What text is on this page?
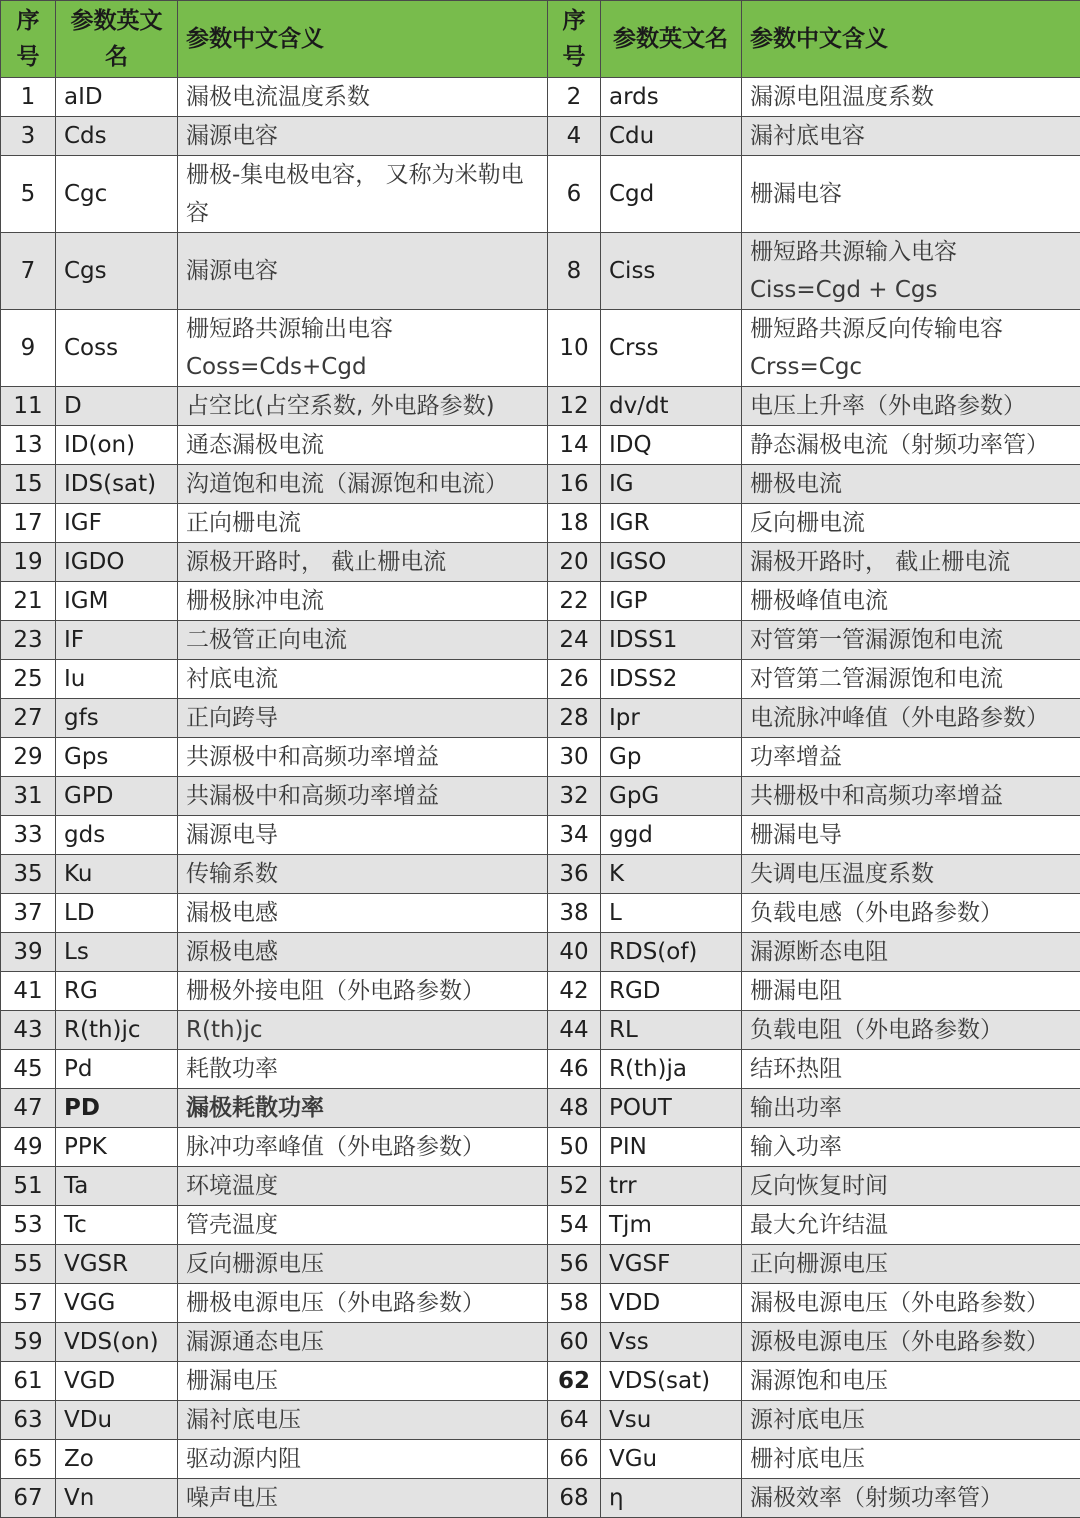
序号	参数英文名	参数中文含义	序号	参数英文名	参数中文含义
1	aID	漏极电流温度系数	2	ards	漏源电阻温度系数
3	Cds	漏源电容	4	Cdu	漏衬底电容
5	Cgc	栅极-集电极电容， 又称为米勒电容	6	Cgd	栅漏电容
7	Cgs	漏源电容	8	Ciss	栅短路共源输入电容 Ciss=Cgd + Cgs
9	Coss	栅短路共源输出电容 Coss=Cds+Cgd	10	Crss	栅短路共源反向传输电容 Crss=Cgc
11	D	占空比(占空系数, 外电路参数)	12	dv/dt	电压上升率（外电路参数）
13	ID(on)	通态漏极电流	14	IDQ	静态漏极电流（射频功率管）
15	IDS(sat)	沟道饱和电流（漏源饱和电流）	16	IG	栅极电流
17	IGF	正向栅电流	18	IGR	反向栅电流
19	IGDO	源极开路时， 截止栅电流	20	IGSO	漏极开路时， 截止栅电流
21	IGM	栅极脉冲电流	22	IGP	栅极峰值电流
23	IF	二极管正向电流	24	IDSS1	对管第一管漏源饱和电流
25	Iu	衬底电流	26	IDSS2	对管第二管漏源饱和电流
27	gfs	正向跨导	28	Ipr	电流脉冲峰值（外电路参数）
29	Gps	共源极中和高频功率增益	30	Gp	功率增益
31	GPD	共漏极中和高频功率增益	32	GpG	共栅极中和高频功率增益
33	gds	漏源电导	34	ggd	栅漏电导
35	Ku	传输系数	36	K	失调电压温度系数
37	LD	漏极电感	38	L	负载电感（外电路参数）
39	Ls	源极电感	40	RDS(of)	漏源断态电阻
41	RG	栅极外接电阻（外电路参数）	42	RGD	栅漏电阻
43	R(th)jc	R(th)jc	44	RL	负载电阻（外电路参数）
45	Pd	耗散功率	46	R(th)ja	结环热阻
47	PD	漏极耗散功率	48	POUT	输出功率
49	PPK	脉冲功率峰值（外电路参数）	50	PIN	输入功率
51	Ta	环境温度	52	trr	反向恢复时间
53	Tc	管壳温度	54	Tjm	最大允许结温
55	VGSR	反向栅源电压	56	VGSF	正向栅源电压
57	VGG	栅极电源电压（外电路参数）	58	VDD	漏极电源电压（外电路参数）
59	VDS(on)	漏源通态电压	60	Vss	源极电源电压（外电路参数）
61	VGD	栅漏电压	62	VDS(sat)	漏源饱和电压
63	VDu	漏衬底电压	64	Vsu	源衬底电压
65	Zo	驱动源内阻	66	VGu	栅衬底电压
67	Vn	噪声电压	68	η	漏极效率（射频功率管）
